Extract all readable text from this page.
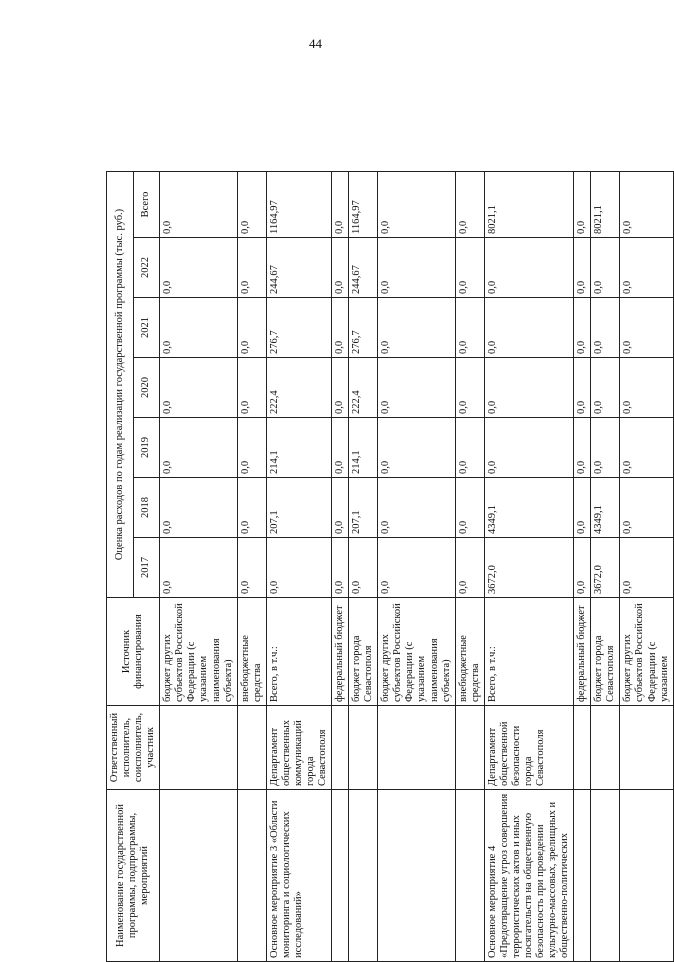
44
Наименование государственной программы, подпрограммы, мероприятий	Ответственный исполнитель, соисполнитель, участник	Источник финансирования	Оценка расходов по годам реализации государственной программы (тыс. руб.)						
			2017	2018	2019	2020	2021	2022	Всего
		бюджет других субъектов Российской Федерации (с указанием наименования субъекта)	0,0	0,0	0,0	0,0	0,0	0,0	0,0
		внебюджетные средства	0,0	0,0	0,0	0,0	0,0	0,0	0,0
Основное мероприятие 3 «Области мониторинга и социологических исследований»	Департамент общественных коммуникаций города Севастополя	Всего, в т.ч.:	0,0	207,1	214,1	222,4	276,7	244,67	1164,97
		федеральный бюджет	0,0	0,0	0,0	0,0	0,0	0,0	0,0
		бюджет города Севастополя	0,0	207,1	214,1	222,4	276,7	244,67	1164,97
		бюджет других субъектов Российской Федерации (с указанием наименования субъекта)	0,0	0,0	0,0	0,0	0,0	0,0	0,0
		внебюджетные средства	0,0	0,0	0,0	0,0	0,0	0,0	0,0
Основное мероприятие 4 «Предотвращение угроз совершения террористических актов и иных посягательств на общественную безопасность при проведении культурно-массовых, зрелищных и общественно-политических	Департамент общественной безопасности города Севастополя	Всего, в т.ч.:	3672,0	4349,1	0,0	0,0	0,0	0,0	8021,1
		федеральный бюджет	0,0	0,0	0,0	0,0	0,0	0,0	0,0
		бюджет города Севастополя	3672,0	4349,1	0,0	0,0	0,0	0,0	8021,1
		бюджет других субъектов Российской Федерации (с указанием	0,0	0,0	0,0	0,0	0,0	0,0	0,0
